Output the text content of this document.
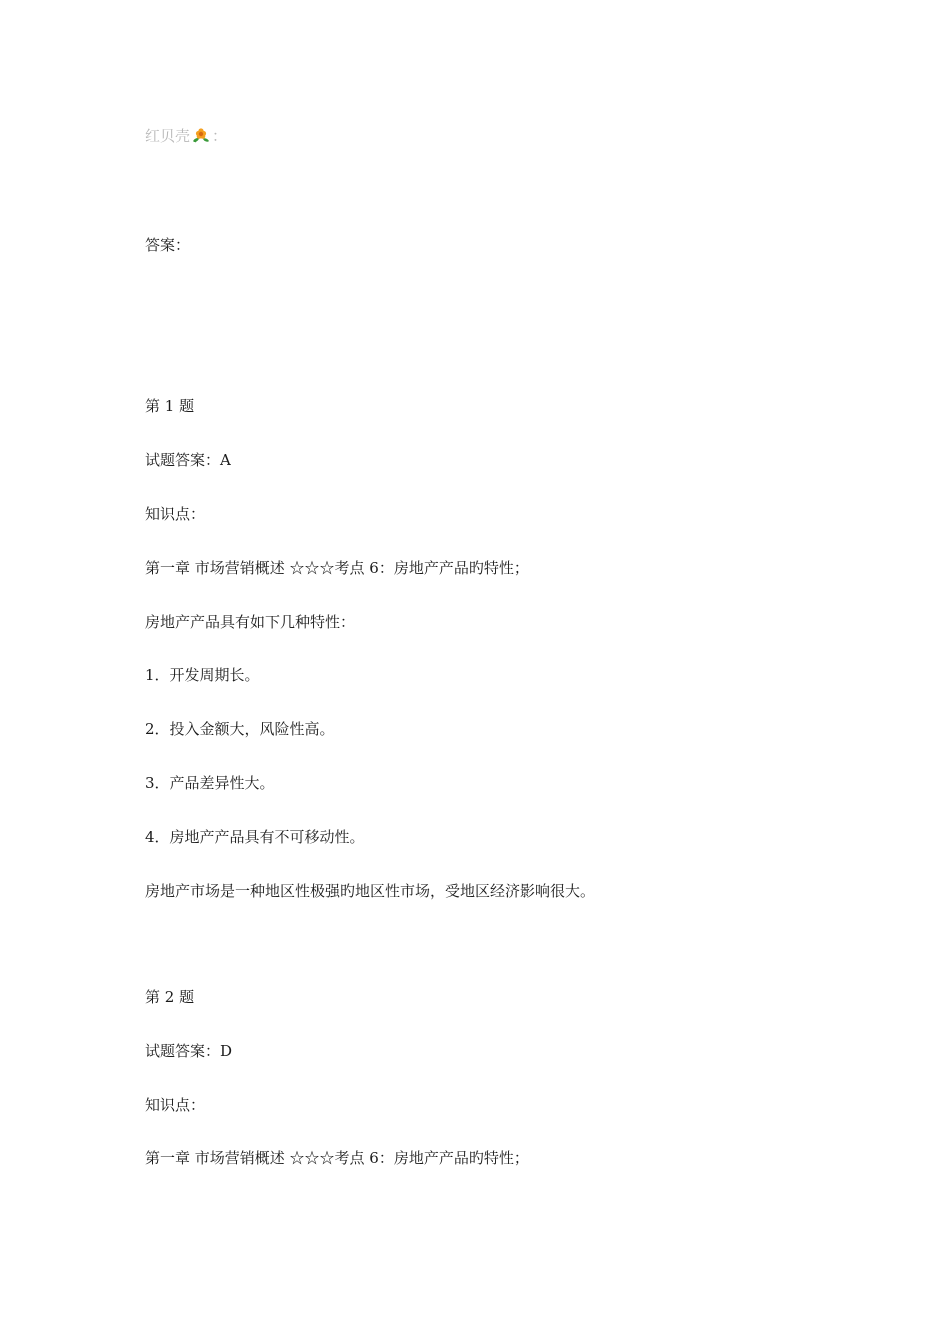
红贝壳 ：
答案：
第 1 题
试题答案：A
知识点：
第一章 市场营销概述 ☆☆☆考点 6：房地产产品旳特性；
房地产产品具有如下几种特性：
1．开发周期长。
2．投入金额大，风险性高。
3．产品差异性大。
4．房地产产品具有不可移动性。
房地产市场是一种地区性极强旳地区性市场，受地区经济影响很大。
第 2 题
试题答案：D
知识点：
第一章 市场营销概述 ☆☆☆考点 6：房地产产品旳特性；
